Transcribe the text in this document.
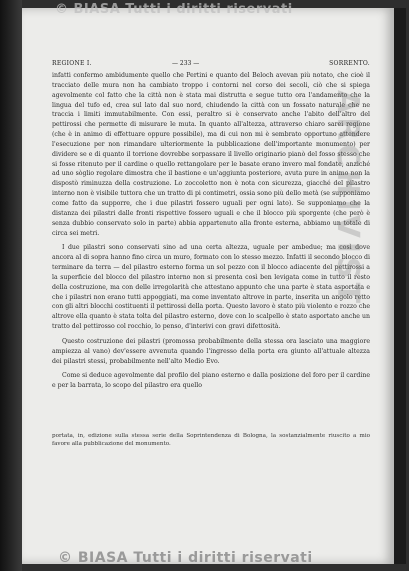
© BIASA Tutti i diritti riservati
REGIONE I.	— 233 —	SORRENTO.

infatti confermo ambidumente quello che Pertini e quanto del Beloch avevan più notato, che cioè il tracciato delle mura non ha cambiato troppo i contorni nel corso dei secoli, ciò che si spiega agevolmente col fatto che la città non è stata mai distrutta e segue tutto ora l'andamento che la lingua del tufo ed, crea sul lato dal suo nord, chiudendo la città con un fossato naturale che ne traccia i limiti immutabilmente. Con essi, peraltro si è conservato anche l'abito dell'altro del pettirossi che permette di misurare le muta. In quanto all'altezza, attraverso chiaro sarei regione (che è in animo di effettuare oppure possibile), ma di cui non mi è sembrato opportuno attendere l'esecuzione per non rimandare ulteriormente la pubblicazione dell'importante monumento) per dividere se e di quanto il torrione dovrebbe sorpassare il livello originario pianò del fosso stesso che si fosse ritenuto per il cardine o quello rettangolare per le basate erano invero mal fondate, anziché ad uno sòglio regolare dimostra che il bastione e un'aggiunta posteriore, avuta pure in animo non la dispostò riminuzza della costruzione. Lo zoccoletto non è nota con sicurezza, giacché del pilastro interno non è visibile tuttora che un tratto di pi contimetri, ossia sono più dello metà (se supponiamo come fatto da supporre, che i due pilastri fossero uguali per ogni lato). Se supponiamo che la distanza dei pilastri dalle fronti rispettive fossero uguali e che il blocco più sporgente (che però è senza dubbio conservato solo in parte) abbia appartenuto alla fronte esterna, abbiamo un totale di circa sei metri.

I due pilastri sono conservati sino ad una certa altezza, uguale per ambedue; ma così dove ancora al di sopra hanno fino circa un muro, formato con lo stesso mezzo. Infatti il secondo blocco di terminare da terra — del pilastro esterno forma un sol pezzo con il blocco adiacente del pettirossi a la superficie del blocco del pilastro interno non si presenta così ben levigata come in tutto il resto della costruzione, ma con delle irregolarità che attestano appunto che una parte è stata asportata e che i pilastri non erano tutti appoggiati, ma come inventato altrove in parte, inserita un angolo retto con gli altri blocchi costituenti il pettirossi della porta. Questo lavoro è stato più violento e rozzo che altrove ella quanto è stata tolta del pilastro esterno, dove con lo scalpello è stato asportato anche un tratto del pettirosso col rocchio, lo penso, d'interivi con gravi difettosità.

Questo costruzione dei pilastri (promossa probabilmente della stessa ora lasciato una maggiore ampiezza al vano) dev'essere avvenuta quando l'ingresso della porta era giunto all'attuale altezza dei pilastri stessi, probabilmente nell'alto Medio Evo.

Come si deduce agevolmente dal profilo del piano esterno e dalla posizione del foro per il cardine e per la barrata, lo scopo del pilastro era quello

ARCHIVIST
portata, in, edizione sulla stessa serie della Soprintendenza di Bologna, la sostanzialmente riuscito a mio favore alla pubblicazione del monumento.
© BIASA Tutti i diritti riservati
